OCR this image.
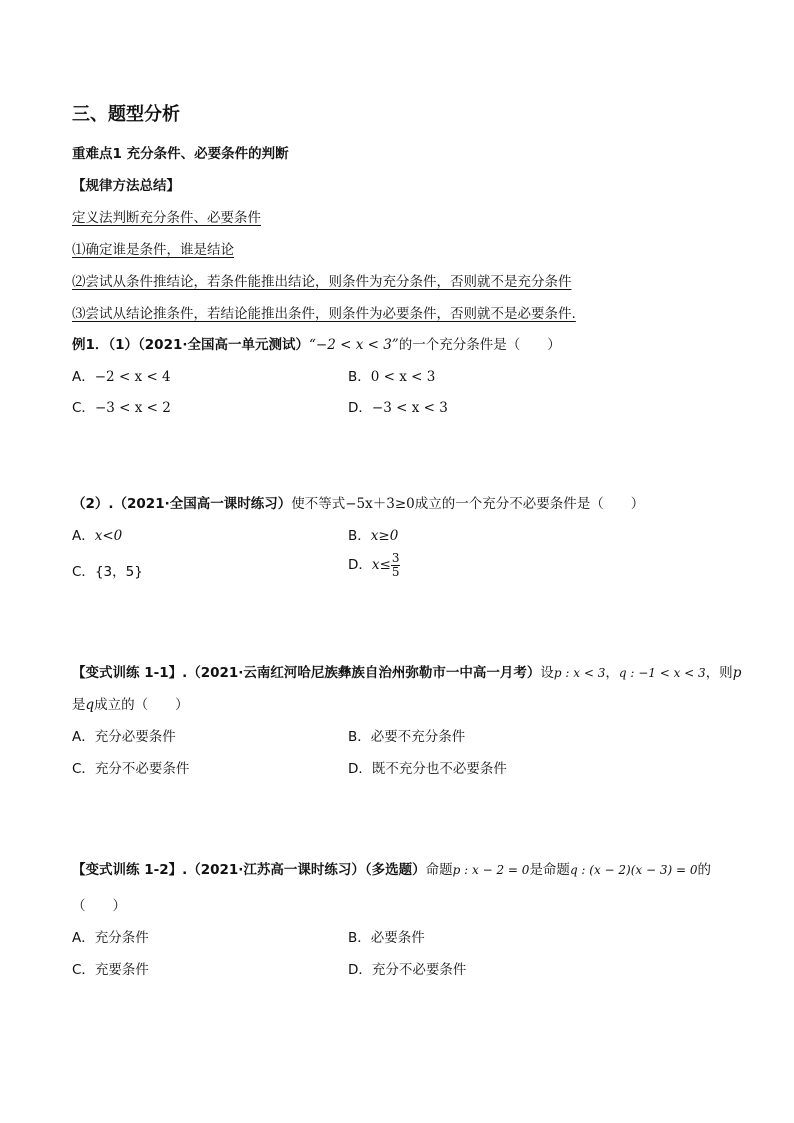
三、题型分析
重难点1 充分条件、必要条件的判断
【规律方法总结】
定义法判断充分条件、必要条件
⑴确定谁是条件，谁是结论
⑵尝试从条件推结论，若条件能推出结论，则条件为充分条件，否则就不是充分条件
⑶尝试从结论推条件，若结论能推出条件，则条件为必要条件，否则就不是必要条件.
例1．（1）（2021·全国高一单元测试）“−2 < x < 3”的一个充分条件是（　　）
A．−2 < x < 4	B．0 < x < 3
C．−3 < x < 2	D．−3 < x < 3
（2）.（2021·全国高一课时练习）使不等式−5x＋3≥0成立的一个充分不必要条件是（　　）
A．x<0	B．x≥0
C．{3，5}	D．$x\le \frac{3}{5}$
【变式训练 1-1】.（2021·云南红河哈尼族彝族自治州弥勒市一中高一月考）设p : x < 3，q : −1 < x < 3，则p
是q成立的（　　）
A．充分必要条件	B．必要不充分条件
C．充分不必要条件	D．既不充分也不必要条件
【变式训练 1-2】.（2021·江苏高一课时练习）（多选题）命题p : x − 2 = 0是命题q : (x − 2)(x − 3) = 0的
（　　）
A．充分条件	B．必要条件
C．充要条件	D．充分不必要条件
